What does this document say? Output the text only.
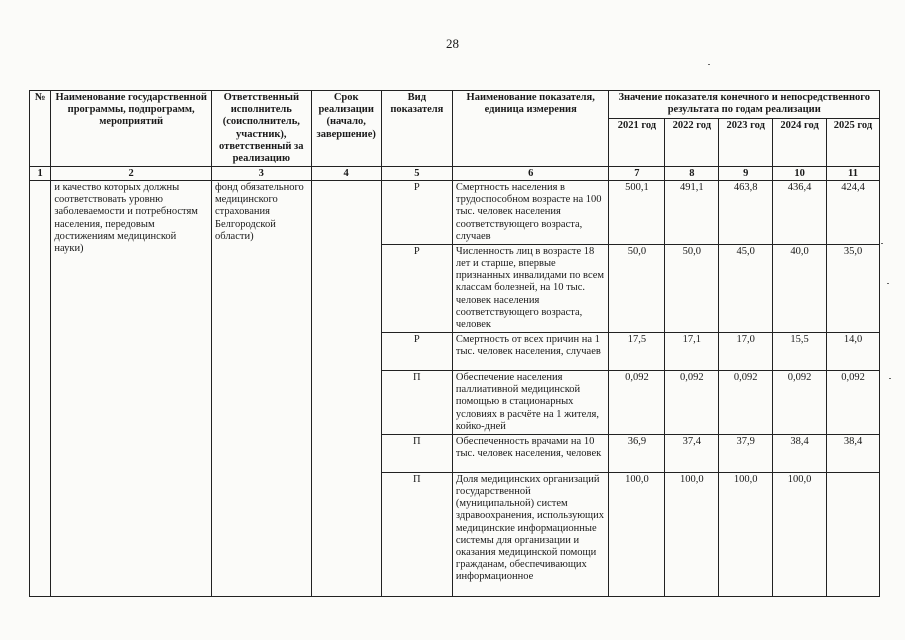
28
№	Наименование государственной программы, подпрограмм, мероприятий	Ответственный исполнитель (соисполнитель, участник), ответственный за реализацию	Срок реализации (начало, завершение)	Вид показателя	Наименование показателя, единица измерения	Значение показателя конечного и непосредственного результата по годам реализации				
						2021 год	2022 год	2023 год	2024 год	2025 год
1	2	3	4	5	6	7	8	9	10	11
	и качество которых должны соответствовать уровню заболеваемости и потребностям населения, передовым достижениям медицинской науки)	фонд обязательного медицинского страхования Белгородской области)		Р	Смертность населения в трудоспособном возрасте на 100 тыс. человек населения соответствующего возраста, случаев	500,1	491,1	463,8	436,4	424,4
				Р	Численность лиц в возрасте 18 лет и старше, впервые признанных инвалидами по всем классам болезней, на 10 тыс. человек населения соответствующего возраста, человек	50,0	50,0	45,0	40,0	35,0
				Р	Смертность от всех причин на 1 тыс. человек населения, случаев	17,5	17,1	17,0	15,5	14,0
				П	Обеспечение населения паллиативной медицинской помощью в стационарных условиях в расчёте на 1 жителя, койко-дней	0,092	0,092	0,092	0,092	0,092
				П	Обеспеченность врачами на 10 тыс. человек населения, человек	36,9	37,4	37,9	38,4	38,4
				П	Доля медицинских организаций государственной (муниципальной) систем здравоохранения, использующих медицинские информационные системы для организации и оказания медицинской помощи гражданам, обеспечивающих информационное	100,0	100,0	100,0	100,0	
